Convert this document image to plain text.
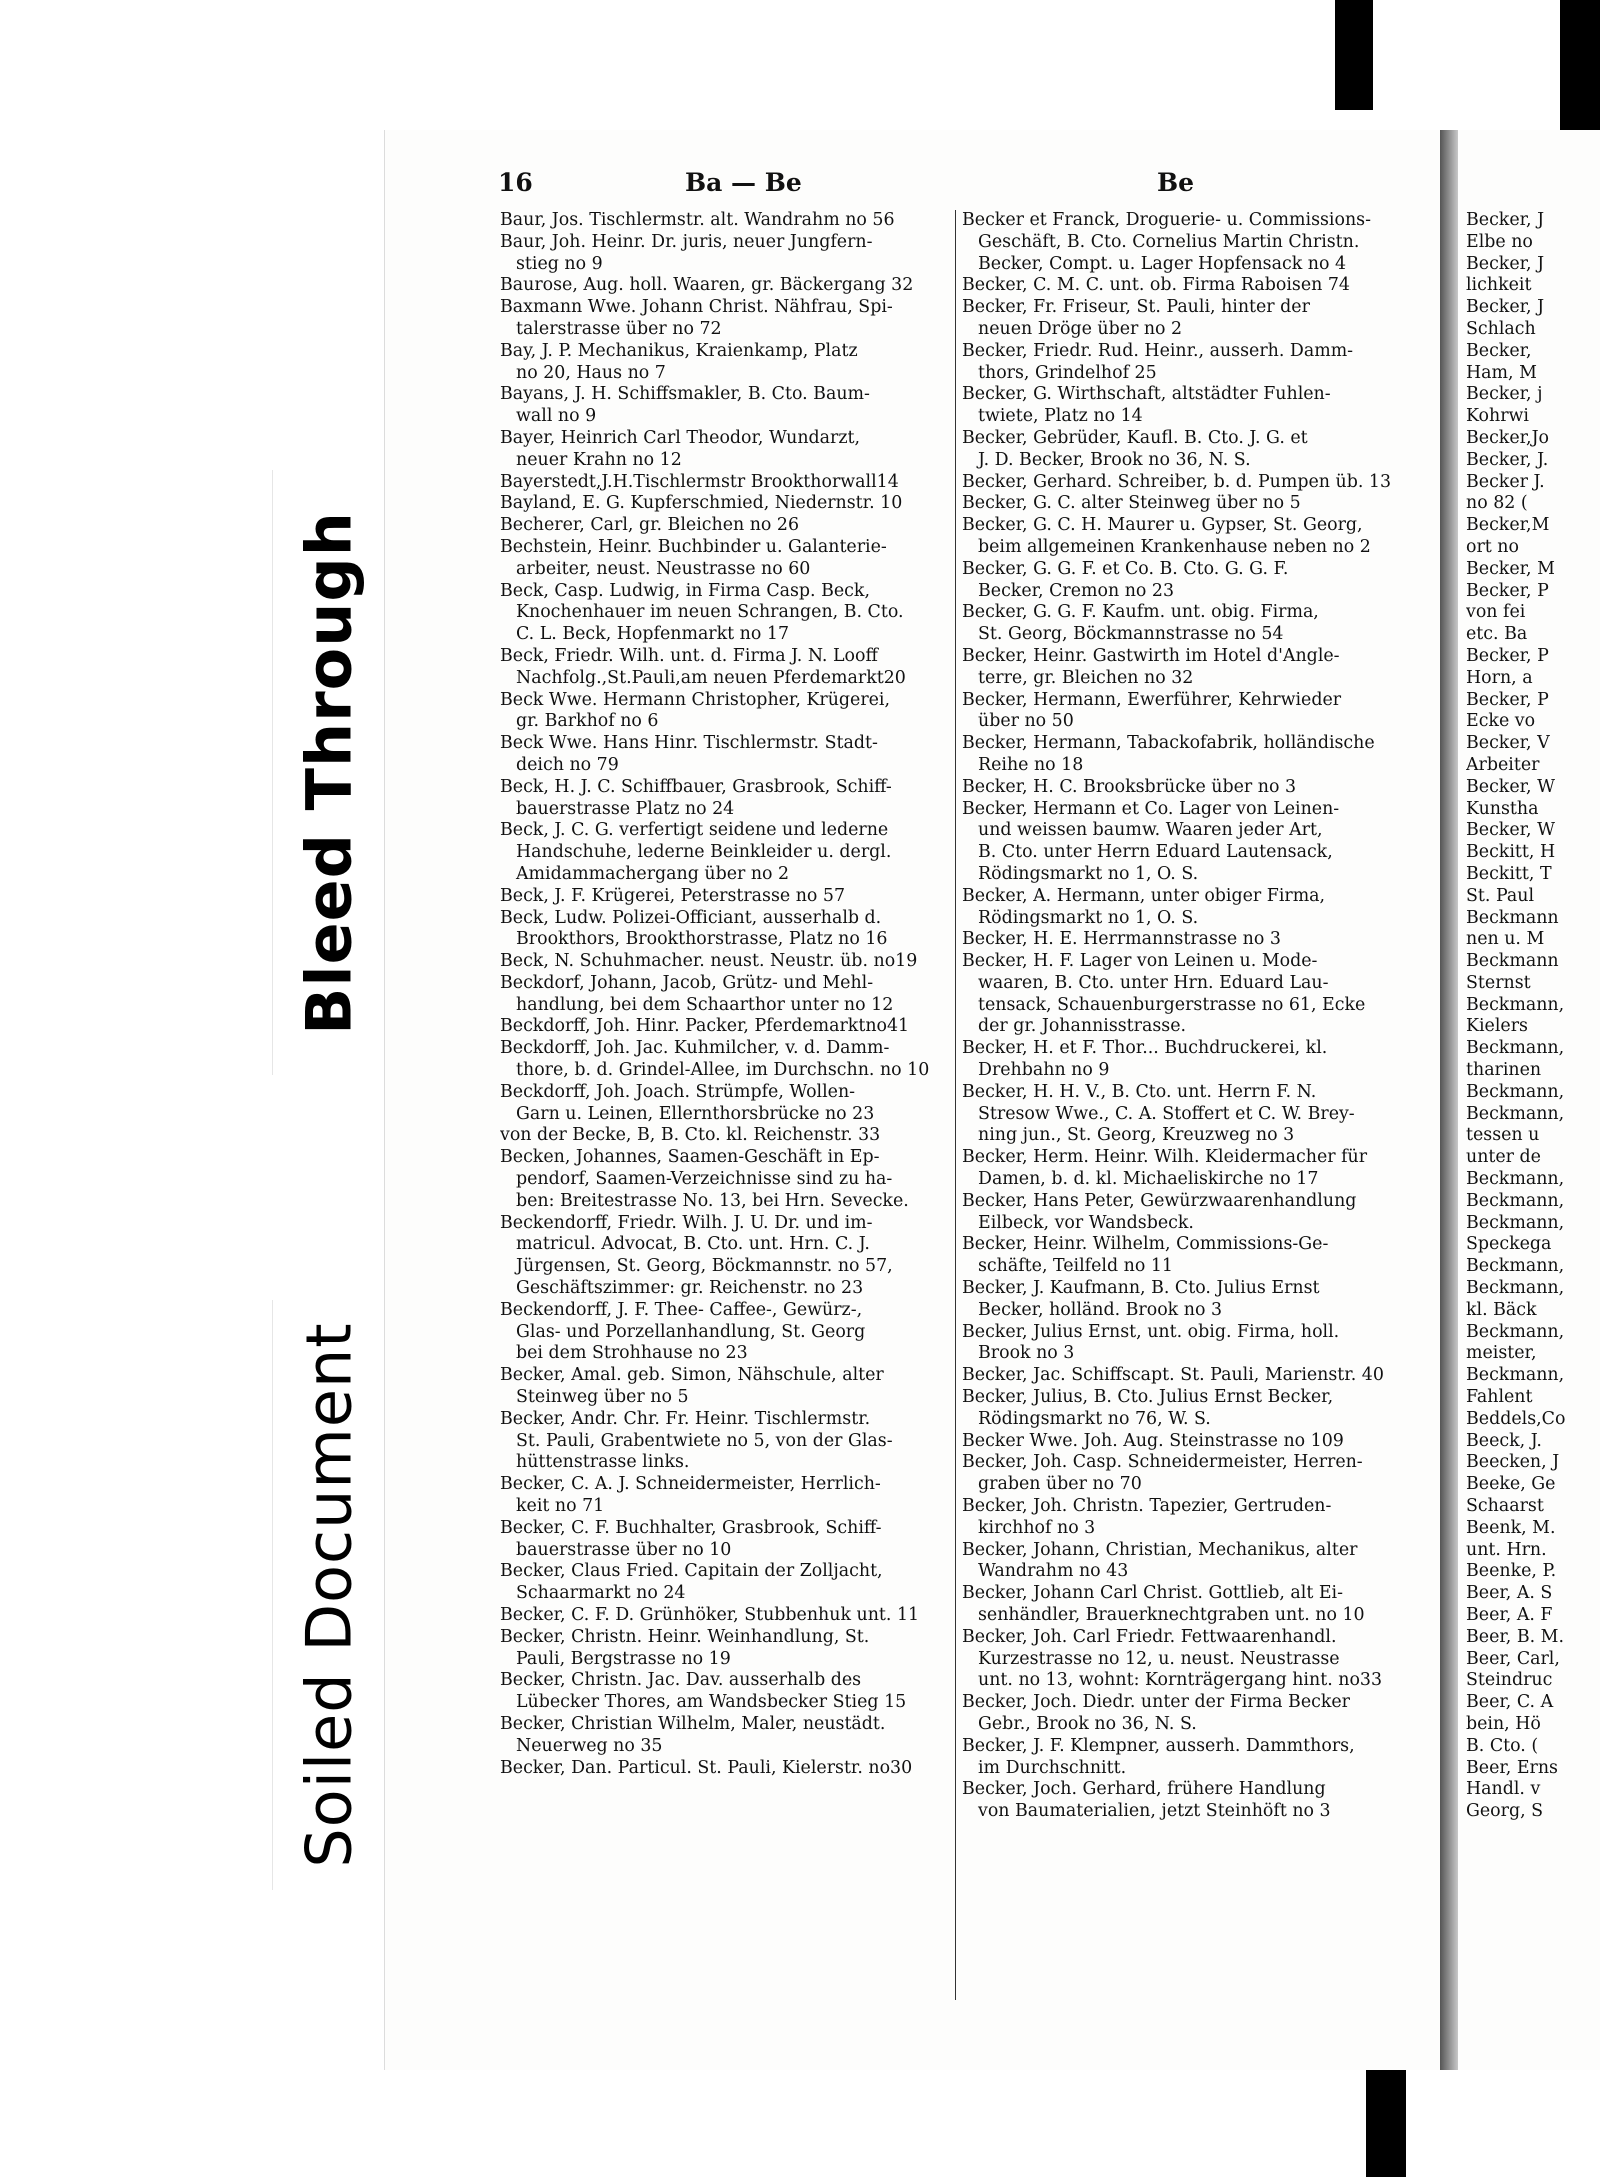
Bleed Through
Soiled Document
16	Ba — Be	Be
Baur, Jos. Tischlermstr. alt. Wandrahm no 56
Baur, Joh. Heinr. Dr. juris, neuer Jungfern-
stieg no 9
Baurose, Aug. holl. Waaren, gr. Bäckergang 32
Baxmann Wwe. Johann Christ. Nähfrau, Spi-
talerstrasse über no 72
Bay, J. P. Mechanikus, Kraienkamp, Platz
no 20, Haus no 7
Bayans, J. H. Schiffsmakler, B. Cto. Baum-
wall no 9
Bayer, Heinrich Carl Theodor, Wundarzt,
neuer Krahn no 12
Bayerstedt,J.H.Tischlermstr Brookthorwall14
Bayland, E. G. Kupferschmied, Niedernstr. 10
Becherer, Carl, gr. Bleichen no 26
Bechstein, Heinr. Buchbinder u. Galanterie-
arbeiter, neust. Neustrasse no 60
Beck, Casp. Ludwig, in Firma Casp. Beck,
Knochenhauer im neuen Schrangen, B. Cto.
C. L. Beck, Hopfenmarkt no 17
Beck, Friedr. Wilh. unt. d. Firma J. N. Looff
Nachfolg.,St.Pauli,am neuen Pferdemarkt20
Beck Wwe. Hermann Christopher, Krügerei,
gr. Barkhof no 6
Beck Wwe. Hans Hinr. Tischlermstr. Stadt-
deich no 79
Beck, H. J. C. Schiffbauer, Grasbrook, Schiff-
bauerstrasse Platz no 24
Beck, J. C. G. verfertigt seidene und lederne
Handschuhe, lederne Beinkleider u. dergl.
Amidammachergang über no 2
Beck, J. F. Krügerei, Peterstrasse no 57
Beck, Ludw. Polizei-Officiant, ausserhalb d.
Brookthors, Brookthorstrasse, Platz no 16
Beck, N. Schuhmacher. neust. Neustr. üb. no19
Beckdorf, Johann, Jacob, Grütz- und Mehl-
handlung, bei dem Schaarthor unter no 12
Beckdorff, Joh. Hinr. Packer, Pferdemarktno41
Beckdorff, Joh. Jac. Kuhmilcher, v. d. Damm-
thore, b. d. Grindel-Allee, im Durchschn. no 10
Beckdorff, Joh. Joach. Strümpfe, Wollen-
Garn u. Leinen, Ellernthorsbrücke no 23
von der Becke, B, B. Cto. kl. Reichenstr. 33
Becken, Johannes, Saamen-Geschäft in Ep-
pendorf, Saamen-Verzeichnisse sind zu ha-
ben: Breitestrasse No. 13, bei Hrn. Sevecke.
Beckendorff, Friedr. Wilh. J. U. Dr. und im-
matricul. Advocat, B. Cto. unt. Hrn. C. J.
Jürgensen, St. Georg, Böckmannstr. no 57,
Geschäftszimmer: gr. Reichenstr. no 23
Beckendorff, J. F. Thee- Caffee-, Gewürz-,
Glas- und Porzellanhandlung, St. Georg
bei dem Strohhause no 23
Becker, Amal. geb. Simon, Nähschule, alter
Steinweg über no 5
Becker, Andr. Chr. Fr. Heinr. Tischlermstr.
St. Pauli, Grabentwiete no 5, von der Glas-
hüttenstrasse links.
Becker, C. A. J. Schneidermeister, Herrlich-
keit no 71
Becker, C. F. Buchhalter, Grasbrook, Schiff-
bauerstrasse über no 10
Becker, Claus Fried. Capitain der Zolljacht,
Schaarmarkt no 24
Becker, C. F. D. Grünhöker, Stubbenhuk unt. 11
Becker, Christn. Heinr. Weinhandlung, St.
Pauli, Bergstrasse no 19
Becker, Christn. Jac. Dav. ausserhalb des
Lübecker Thores, am Wandsbecker Stieg 15
Becker, Christian Wilhelm, Maler, neustädt.
Neuerweg no 35
Becker, Dan. Particul. St. Pauli, Kielerstr. no30
Becker et Franck, Droguerie- u. Commissions-
Geschäft, B. Cto. Cornelius Martin Christn.
Becker, Compt. u. Lager Hopfensack no 4
Becker, C. M. C. unt. ob. Firma Raboisen 74
Becker, Fr. Friseur, St. Pauli, hinter der
neuen Dröge über no 2
Becker, Friedr. Rud. Heinr., ausserh. Damm-
thors, Grindelhof 25
Becker, G. Wirthschaft, altstädter Fuhlen-
twiete, Platz no 14
Becker, Gebrüder, Kaufl. B. Cto. J. G. et
J. D. Becker, Brook no 36, N. S.
Becker, Gerhard. Schreiber, b. d. Pumpen üb. 13
Becker, G. C. alter Steinweg über no 5
Becker, G. C. H. Maurer u. Gypser, St. Georg,
beim allgemeinen Krankenhause neben no 2
Becker, G. G. F. et Co. B. Cto. G. G. F.
Becker, Cremon no 23
Becker, G. G. F. Kaufm. unt. obig. Firma,
St. Georg, Böckmannstrasse no 54
Becker, Heinr. Gastwirth im Hotel d'Angle-
terre, gr. Bleichen no 32
Becker, Hermann, Ewerführer, Kehrwieder
über no 50
Becker, Hermann, Tabackofabrik, holländische
Reihe no 18
Becker, H. C. Brooksbrücke über no 3
Becker, Hermann et Co. Lager von Leinen-
und weissen baumw. Waaren jeder Art,
B. Cto. unter Herrn Eduard Lautensack,
Rödingsmarkt no 1, O. S.
Becker, A. Hermann, unter obiger Firma,
Rödingsmarkt no 1, O. S.
Becker, H. E. Herrmannstrasse no 3
Becker, H. F. Lager von Leinen u. Mode-
waaren, B. Cto. unter Hrn. Eduard Lau-
tensack, Schauenburgerstrasse no 61, Ecke
der gr. Johannisstrasse.
Becker, H. et F. Thor... Buchdruckerei, kl.
Drehbahn no 9
Becker, H. H. V., B. Cto. unt. Herrn F. N.
Stresow Wwe., C. A. Stoffert et C. W. Brey-
ning jun., St. Georg, Kreuzweg no 3
Becker, Herm. Heinr. Wilh. Kleidermacher für
Damen, b. d. kl. Michaeliskirche no 17
Becker, Hans Peter, Gewürzwaarenhandlung
Eilbeck, vor Wandsbeck.
Becker, Heinr. Wilhelm, Commissions-Ge-
schäfte, Teilfeld no 11
Becker, J. Kaufmann, B. Cto. Julius Ernst
Becker, holländ. Brook no 3
Becker, Julius Ernst, unt. obig. Firma, holl.
Brook no 3
Becker, Jac. Schiffscapt. St. Pauli, Marienstr. 40
Becker, Julius, B. Cto. Julius Ernst Becker,
Rödingsmarkt no 76, W. S.
Becker Wwe. Joh. Aug. Steinstrasse no 109
Becker, Joh. Casp. Schneidermeister, Herren-
graben über no 70
Becker, Joh. Christn. Tapezier, Gertruden-
kirchhof no 3
Becker, Johann, Christian, Mechanikus, alter
Wandrahm no 43
Becker, Johann Carl Christ. Gottlieb, alt Ei-
senhändler, Brauerknechtgraben unt. no 10
Becker, Joh. Carl Friedr. Fettwaarenhandl.
Kurzestrasse no 12, u. neust. Neustrasse
unt. no 13, wohnt: Kornträgergang hint. no33
Becker, Joch. Diedr. unter der Firma Becker
Gebr., Brook no 36, N. S.
Becker, J. F. Klempner, ausserh. Dammthors,
im Durchschnitt.
Becker, Joch. Gerhard, frühere Handlung
von Baumaterialien, jetzt Steinhöft no 3
Becker, J
Elbe no
Becker, J
lichkeit
Becker, J
Schlach
Becker,
Ham, M
Becker, j
Kohrwi
Becker,Jo
Becker, J.
Becker J.
no 82 (
Becker,M
ort no
Becker, M
Becker, P
von fei
etc. Ba
Becker, P
Horn, a
Becker, P
Ecke vo
Becker, V
Arbeiter
Becker, W
Kunstha
Becker, W
Beckitt, H
Beckitt, T
St. Paul
Beckmann
nen u. M
Beckmann
Sternst
Beckmann,
Kielers
Beckmann,
tharinen
Beckmann,
Beckmann,
tessen u
unter de
Beckmann,
Beckmann,
Beckmann,
Speckega
Beckmann,
Beckmann,
kl. Bäck
Beckmann,
meister,
Beckmann,
Fahlent
Beddels,Co
Beeck, J.
Beecken, J
Beeke, Ge
Schaarst
Beenk, M.
unt. Hrn.
Beenke, P.
Beer, A. S
Beer, A. F
Beer, B. M.
Beer, Carl,
Steindruc
Beer, C. A
bein, Hö
B. Cto. (
Beer, Erns
Handl. v
Georg, S
